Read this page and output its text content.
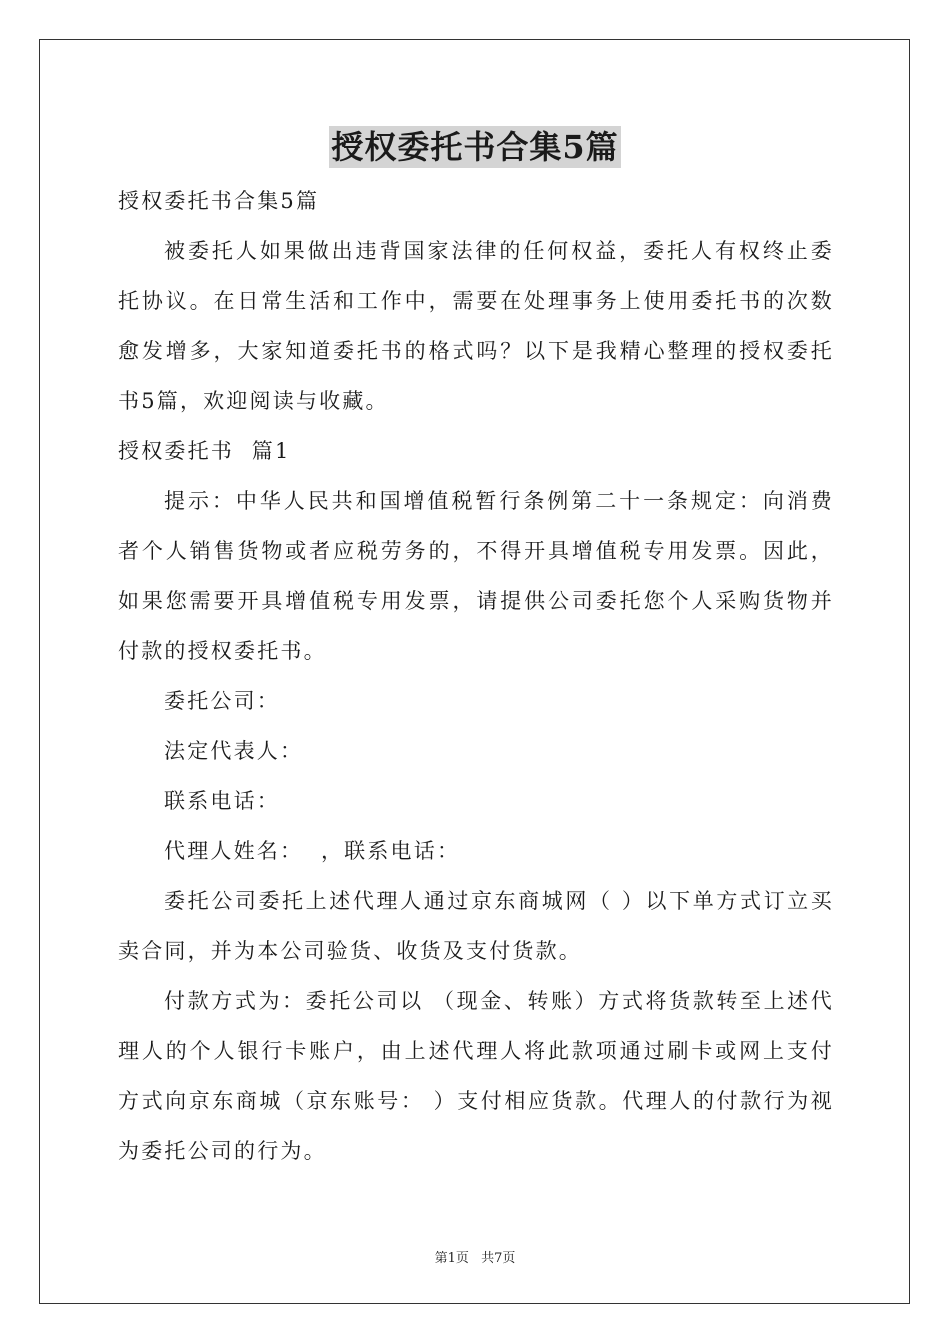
授权委托书合集5篇

授权委托书合集5篇

被委托人如果做出违背国家法律的任何权益，委托人有权终止委托协议。在日常生活和工作中，需要在处理事务上使用委托书的次数愈发增多，大家知道委托书的格式吗？以下是我精心整理的授权委托书5篇，欢迎阅读与收藏。

授权委托书  篇1

提示：中华人民共和国增值税暂行条例第二十一条规定：向消费者个人销售货物或者应税劳务的，不得开具增值税专用发票。因此，如果您需要开具增值税专用发票，请提供公司委托您个人采购货物并付款的授权委托书。

委托公司：

法定代表人：

联系电话：

代理人姓名：  ，联系电话：

委托公司委托上述代理人通过京东商城网（ ）以下单方式订立买卖合同，并为本公司验货、收货及支付货款。

付款方式为：委托公司以 （现金、转账）方式将货款转至上述代理人的个人银行卡账户，由上述代理人将此款项通过刷卡或网上支付方式向京东商城（京东账号： ）支付相应货款。代理人的付款行为视为委托公司的行为。

第1页 共7页
